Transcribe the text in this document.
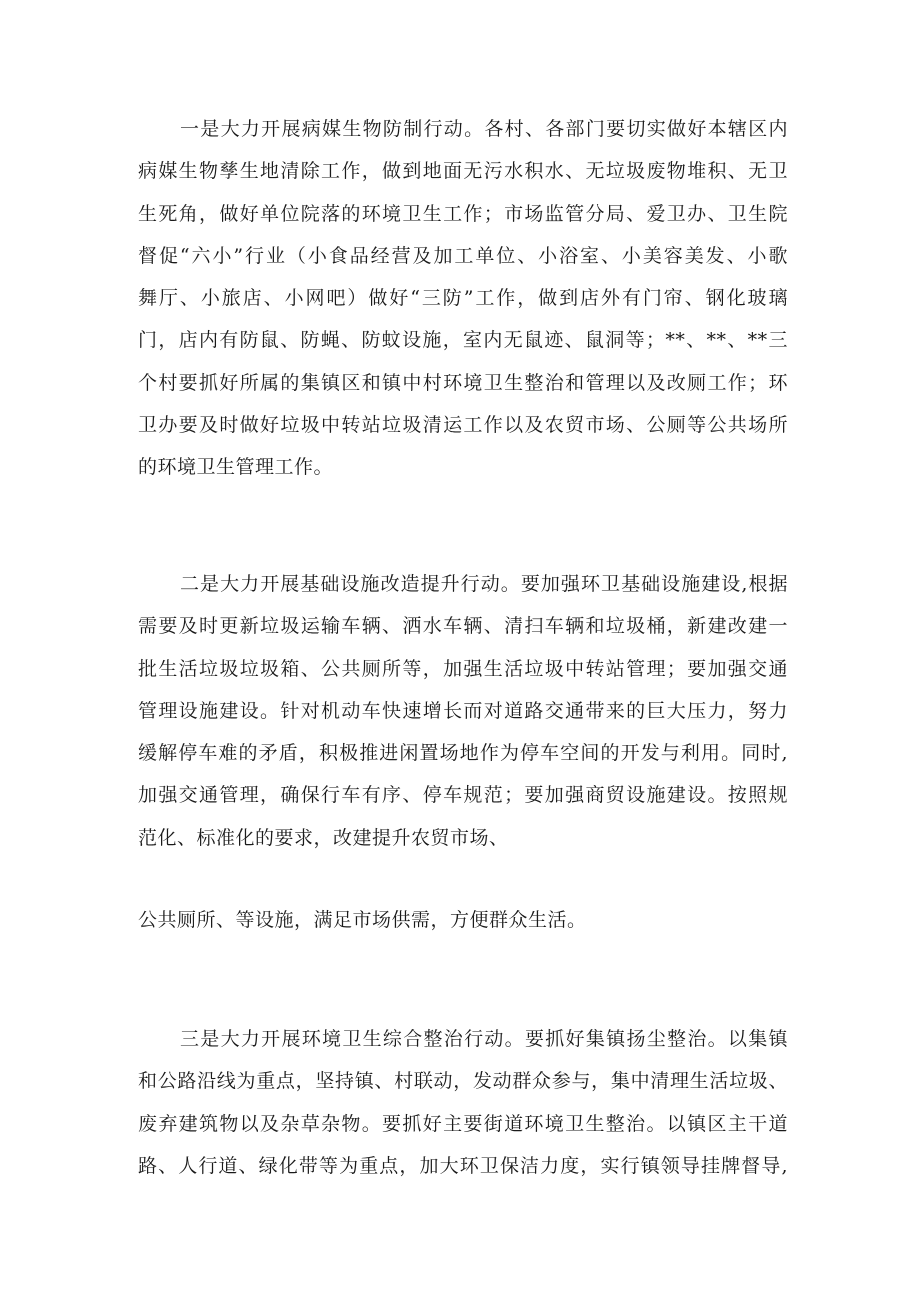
一是大力开展病媒生物防制行动。各村、各部门要切实做好本辖区内
病媒生物孳生地清除工作，做到地面无污水积水、无垃圾废物堆积、无卫
生死角，做好单位院落的环境卫生工作；市场监管分局、爱卫办、卫生院
督促“六小”行业（小食品经营及加工单位、小浴室、小美容美发、小歌
舞厅、小旅店、小网吧）做好“三防”工作，做到店外有门帘、钢化玻璃
门，店内有防鼠、防蝇、防蚊设施，室内无鼠迹、鼠洞等；**、**、**三
个村要抓好所属的集镇区和镇中村环境卫生整治和管理以及改厕工作；环
卫办要及时做好垃圾中转站垃圾清运工作以及农贸市场、公厕等公共场所
的环境卫生管理工作。
二是大力开展基础设施改造提升行动。要加强环卫基础设施建设,根据
需要及时更新垃圾运输车辆、洒水车辆、清扫车辆和垃圾桶，新建改建一
批生活垃圾垃圾箱、公共厕所等，加强生活垃圾中转站管理；要加强交通
管理设施建设。针对机动车快速增长而对道路交通带来的巨大压力，努力
缓解停车难的矛盾，积极推进闲置场地作为停车空间的开发与利用。同时,
加强交通管理，确保行车有序、停车规范；要加强商贸设施建设。按照规
范化、标准化的要求，改建提升农贸市场、
公共厕所、等设施，满足市场供需，方便群众生活。
三是大力开展环境卫生综合整治行动。要抓好集镇扬尘整治。以集镇
和公路沿线为重点，坚持镇、村联动，发动群众参与，集中清理生活垃圾、
废弃建筑物以及杂草杂物。要抓好主要街道环境卫生整治。以镇区主干道
路、人行道、绿化带等为重点，加大环卫保洁力度，实行镇领导挂牌督导,
